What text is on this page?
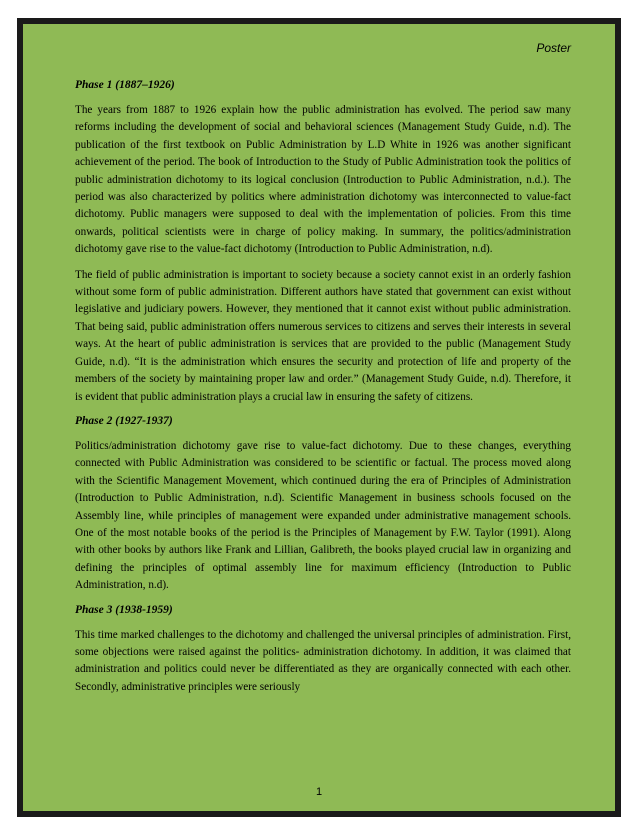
Poster

Phase 1 (1887–1926)

The years from 1887 to 1926 explain how the public administration has evolved. The period saw many reforms including the development of social and behavioral sciences (Management Study Guide, n.d). The publication of the first textbook on Public Administration by L.D White in 1926 was another significant achievement of the period. The book of Introduction to the Study of Public Administration took the politics of public administration dichotomy to its logical conclusion (Introduction to Public Administration, n.d.). The period was also characterized by politics where administration dichotomy was interconnected to value-fact dichotomy. Public managers were supposed to deal with the implementation of policies. From this time onwards, political scientists were in charge of policy making. In summary, the politics/administration dichotomy gave rise to the value-fact dichotomy (Introduction to Public Administration, n.d).

The field of public administration is important to society because a society cannot exist in an orderly fashion without some form of public administration. Different authors have stated that government can exist without legislative and judiciary powers. However, they mentioned that it cannot exist without public administration. That being said, public administration offers numerous services to citizens and serves their interests in several ways. At the heart of public administration is services that are provided to the public (Management Study Guide, n.d). “It is the administration which ensures the security and protection of life and property of the members of the society by maintaining proper law and order.” (Management Study Guide, n.d). Therefore, it is evident that public administration plays a crucial law in ensuring the safety of citizens.

Phase 2 (1927-1937)

Politics/administration dichotomy gave rise to value-fact dichotomy. Due to these changes, everything connected with Public Administration was considered to be scientific or factual. The process moved along with the Scientific Management Movement, which continued during the era of Principles of Administration (Introduction to Public Administration, n.d). Scientific Management in business schools focused on the Assembly line, while principles of management were expanded under administrative management schools. One of the most notable books of the period is the Principles of Management by F.W. Taylor (1991). Along with other books by authors like Frank and Lillian, Galibreth, the books played crucial law in organizing and defining the principles of optimal assembly line for maximum efficiency (Introduction to Public Administration, n.d).

Phase 3 (1938-1959)

This time marked challenges to the dichotomy and challenged the universal principles of administration. First, some objections were raised against the politics- administration dichotomy. In addition, it was claimed that administration and politics could never be differentiated as they are organically connected with each other. Secondly, administrative principles were seriously

1
